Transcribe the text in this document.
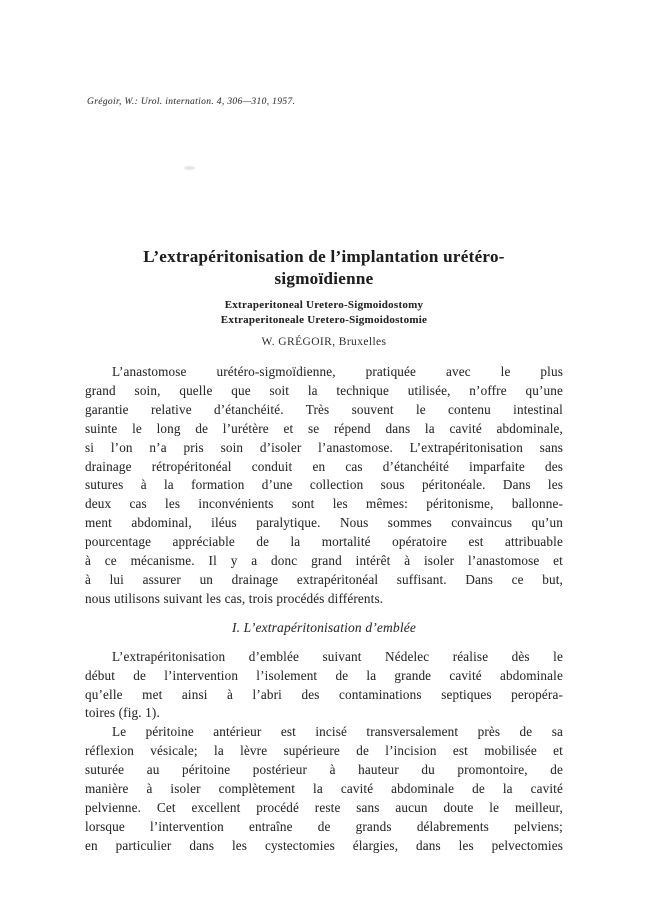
Grégoir, W.: Urol. internation. 4, 306—310, 1957.
L’extrapéritonisation de l’implantation urétéro-
sigmoïdienne
Extraperitoneal Uretero-Sigmoidostomy
Extraperitoneale Uretero-Sigmoidostomie
W. GRÉGOIR, Bruxelles
L’anastomose urétéro-sigmoïdienne, pratiquée avec le plus
grand soin, quelle que soit la technique utilisée, n’offre qu’une
garantie relative d’étanchéité. Très souvent le contenu intestinal
suinte le long de l’urétère et se répend dans la cavité abdominale,
si l’on n’a pris soin d’isoler l’anastomose. L’extrapéritonisation sans
drainage rétropéritonéal conduit en cas d’étanchéité imparfaite des
sutures à la formation d’une collection sous péritonéale. Dans les
deux cas les inconvénients sont les mêmes: péritonisme, ballonne-
ment abdominal, iléus paralytique. Nous sommes convaincus qu’un
pourcentage appréciable de la mortalité opératoire est attribuable
à ce mécanisme. Il y a donc grand intérêt à isoler l’anastomose et
à lui assurer un drainage extrapéritonéal suffisant. Dans ce but,
nous utilisons suivant les cas, trois procédés différents.
I. L’extrapéritonisation d’emblée
L’extrapéritonisation d’emblée suivant Nédelec réalise dès le
début de l’intervention l’isolement de la grande cavité abdominale
qu’elle met ainsi à l’abri des contaminations septiques peropéra-
toires (fig. 1).
Le péritoine antérieur est incisé transversalement près de sa
réflexion vésicale; la lèvre supérieure de l’incision est mobilisée et
suturée au péritoine postérieur à hauteur du promontoire, de
manière à isoler complètement la cavité abdominale de la cavité
pelvienne. Cet excellent procédé reste sans aucun doute le meilleur,
lorsque l’intervention entraîne de grands délabrements pelviens;
en particulier dans les cystectomies élargies, dans les pelvectomies
